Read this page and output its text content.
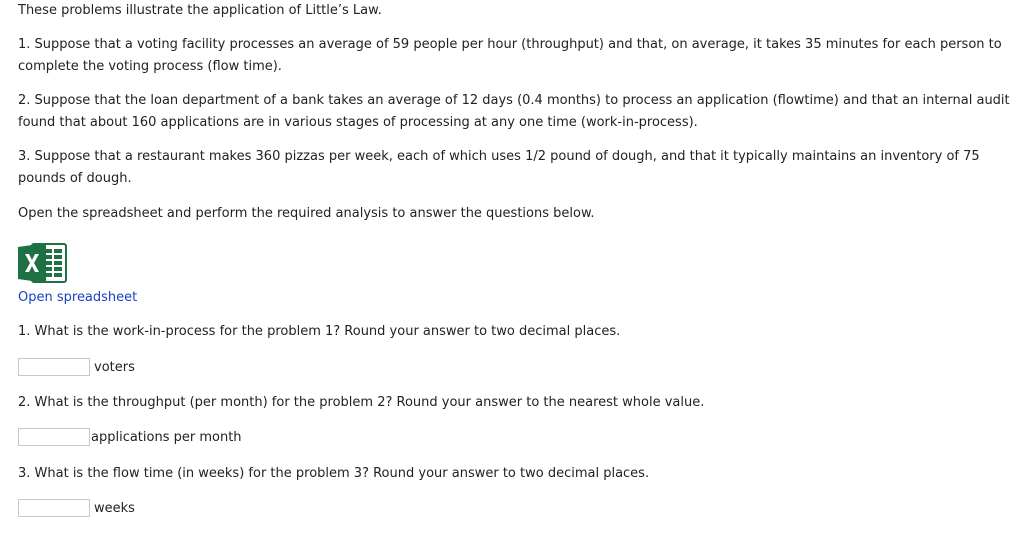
These problems illustrate the application of Little’s Law.

1. Suppose that a voting facility processes an average of 59 people per hour (throughput) and that, on average, it takes 35 minutes for each person to complete the voting process (flow time).

2. Suppose that the loan department of a bank takes an average of 12 days (0.4 months) to process an application (flowtime) and that an internal audit found that about 160 applications are in various stages of processing at any one time (work-in-process).

3. Suppose that a restaurant makes 360 pizzas per week, each of which uses 1/2 pound of dough, and that it typically maintains an inventory of 75 pounds of dough.

Open the spreadsheet and perform the required analysis to answer the questions below.

Open spreadsheet

1. What is the work-in-process for the problem 1? Round your answer to two decimal places.

voters

2. What is the throughput (per month) for the problem 2? Round your answer to the nearest whole value.

applications per month

3. What is the flow time (in weeks) for the problem 3? Round your answer to two decimal places.

weeks
